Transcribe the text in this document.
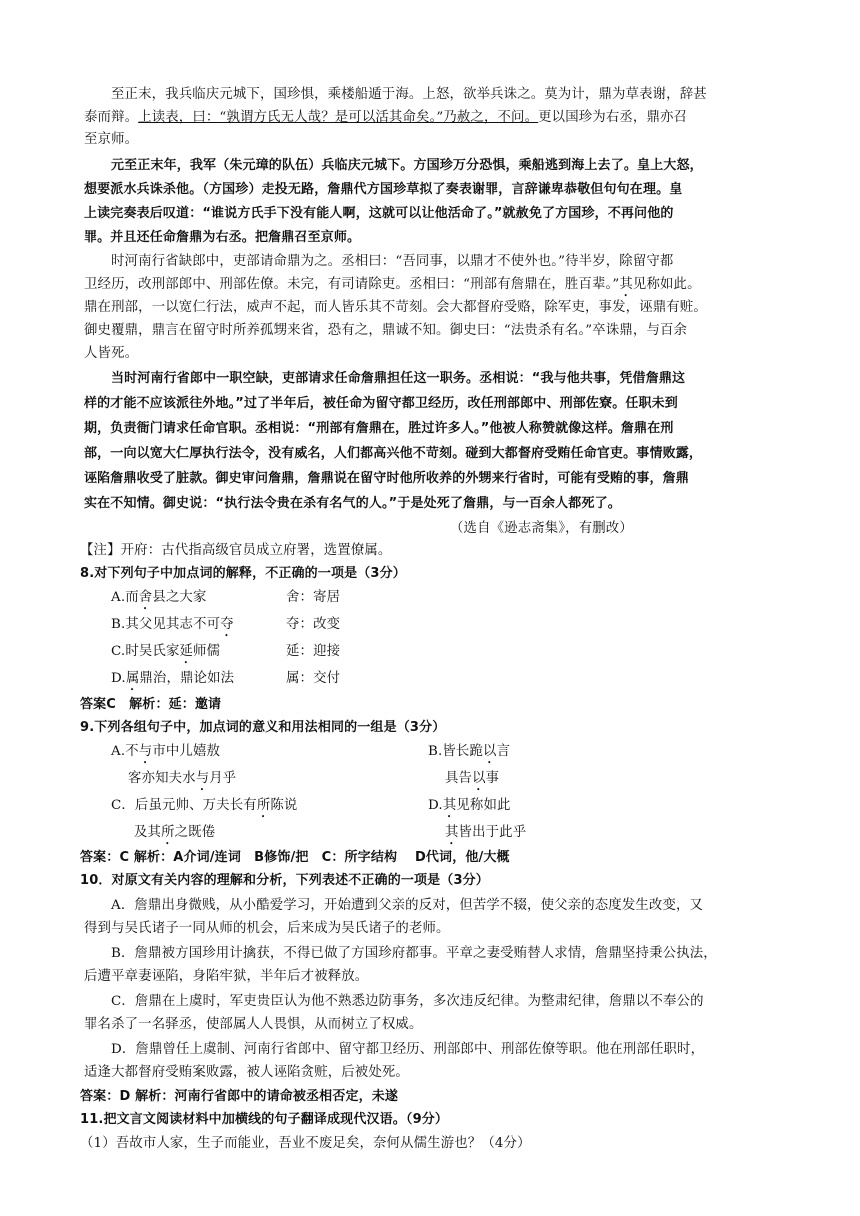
至正末，我兵临庆元城下，国珍惧，乘楼船遁于海。上怒，欲举兵诛之。莫为计，鼎为草表谢，辞甚
泰而辩。上读表，曰：“孰谓方氏无人哉？是可以活其命矣。”乃赦之，不问。更以国珍为右丞，鼎亦召
至京师。
元至正末年，我军（朱元璋的队伍）兵临庆元城下。方国珍万分恐惧，乘船逃到海上去了。皇上大怒，
想要派水兵诛杀他。（方国珍）走投无路，詹鼎代方国珍草拟了奏表谢罪，言辞谦卑恭敬但句句在理。皇
上读完奏表后叹道：“谁说方氏手下没有能人啊，这就可以让他活命了。”就赦免了方国珍，不再问他的
罪。并且还任命詹鼎为右丞。把詹鼎召至京师。
时河南行省缺郎中，吏部请命鼎为之。丞相曰：“吾同事，以鼎才不使外也。”待半岁，除留守都
卫经历，改刑部郎中、刑部佐僚。未完，有司请除吏。丞相曰：“刑部有詹鼎在，胜百辈。”其见称如此。
鼎在刑部，一以宽仁行法，威声不起，而人皆乐其不苛刻。会大都督府受赂，除军吏，事发，诬鼎有赃。
御史覆鼎，鼎言在留守时所养孤甥来省，恐有之，鼎诚不知。御史曰：“法贵杀有名。”卒诛鼎，与百余
人皆死。
当时河南行省郎中一职空缺，吏部请求任命詹鼎担任这一职务。丞相说：“我与他共事，凭借詹鼎这
样的才能不应该派往外地。”过了半年后，被任命为留守都卫经历，改任刑部郎中、刑部佐寮。任职未到
期，负责衙门请求任命官职。丞相说：“刑部有詹鼎在，胜过许多人。”他被人称赞就像这样。詹鼎在刑
部，一向以宽大仁厚执行法令，没有威名，人们都高兴他不苛刻。碰到大都督府受贿任命官吏。事情败露，
诬陷詹鼎收受了脏款。御史审问詹鼎，詹鼎说在留守时他所收养的外甥来行省时，可能有受贿的事，詹鼎
实在不知情。御史说：“执行法令贵在杀有名气的人。”于是处死了詹鼎，与一百余人都死了。
（选自《逊志斋集》，有删改）
【注】开府：古代指高级官员成立府署，选置僚属。
8.对下列句子中加点词的解释，不正确的一项是（3分）
A.而舍县之大家	舍：寄居
B.其父见其志不可夺	夺：改变
C.时吴氏家延师儒	延：迎接
D.属鼎治，鼎论如法	属：交付
答案C　解析：延：邀请
9.下列各组句子中，加点词的意义和用法相同的一组是（3分）
A.不与市中儿嬉敖	B.皆长跪以言
客亦知夫水与月乎	具告以事
C．后虽元帅、万夫长有所陈说	D.其见称如此
及其所之既倦	其皆出于此乎
答案：C 解析：A介词/连词　B修饰/把　C：所字结构　 D代词，他/大概
10．对原文有关内容的理解和分析，下列表述不正确的一项是（3分）
A．詹鼎出身微贱，从小酷爱学习，开始遭到父亲的反对，但苦学不辍，使父亲的态度发生改变，又
得到与吴氏诸子一同从师的机会，后来成为吴氏诸子的老师。
B．詹鼎被方国珍用计擒获，不得已做了方国珍府都事。平章之妻受贿替人求情，詹鼎坚持秉公执法，
后遭平章妻诬陷，身陷牢狱，半年后才被释放。
C．詹鼎在上虞时，军吏贵臣认为他不熟悉边防事务，多次违反纪律。为整肃纪律，詹鼎以不奉公的
罪名杀了一名驿丞，使部属人人畏惧，从而树立了权威。
D．詹鼎曾任上虞制、河南行省郎中、留守都卫经历、刑部郎中、刑部佐僚等职。他在刑部任职时，
适逢大都督府受贿案败露，被人诬陷贪赃，后被处死。
答案：D 解析：河南行省郎中的请命被丞相否定，未遂
11.把文言文阅读材料中加横线的句子翻译成现代汉语。（9分）
（1）吾故市人家，生子而能业，吾业不废足矣，奈何从儒生游也？（4分）
